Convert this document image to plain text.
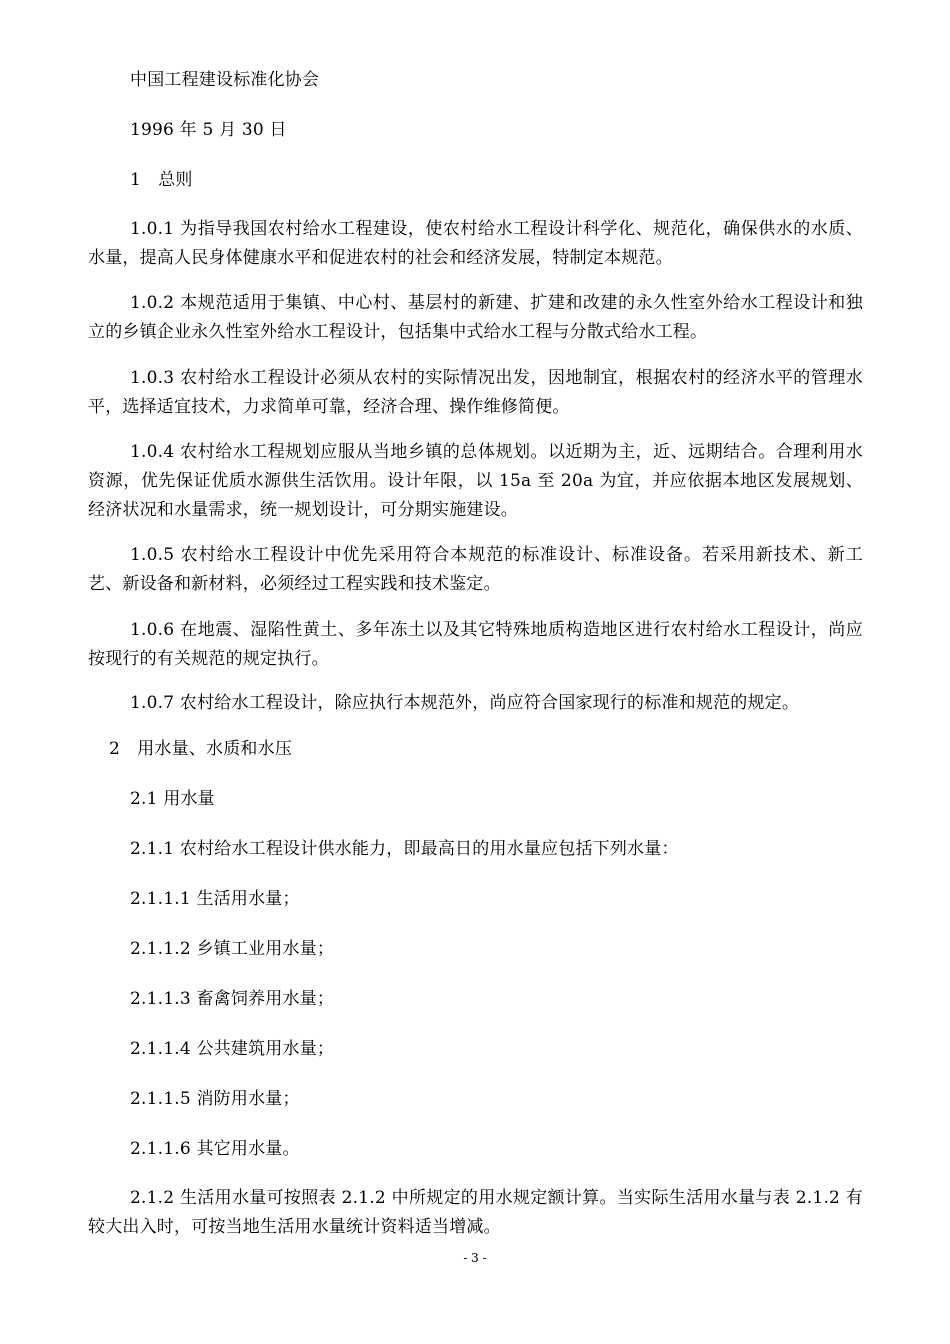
中国工程建设标准化协会
1996 年 5 月 30 日
1　总则
1.0.1 为指导我国农村给水工程建设，使农村给水工程设计科学化、规范化，确保供水的水质、水量，提高人民身体健康水平和促进农村的社会和经济发展，特制定本规范。
1.0.2 本规范适用于集镇、中心村、基层村的新建、扩建和改建的永久性室外给水工程设计和独立的乡镇企业永久性室外给水工程设计，包括集中式给水工程与分散式给水工程。
1.0.3 农村给水工程设计必须从农村的实际情况出发，因地制宜，根据农村的经济水平的管理水平，选择适宜技术，力求简单可靠，经济合理、操作维修简便。
1.0.4 农村给水工程规划应服从当地乡镇的总体规划。以近期为主，近、远期结合。合理利用水资源，优先保证优质水源供生活饮用。设计年限，以 15a 至 20a 为宜，并应依据本地区发展规划、经济状况和水量需求，统一规划设计，可分期实施建设。
1.0.5 农村给水工程设计中优先采用符合本规范的标准设计、标准设备。若采用新技术、新工艺、新设备和新材料，必须经过工程实践和技术鉴定。
1.0.6 在地震、湿陷性黄土、多年冻土以及其它特殊地质构造地区进行农村给水工程设计，尚应按现行的有关规范的规定执行。
1.0.7 农村给水工程设计，除应执行本规范外，尚应符合国家现行的标准和规范的规定。
2　用水量、水质和水压
2.1 用水量
2.1.1 农村给水工程设计供水能力，即最高日的用水量应包括下列水量：
2.1.1.1 生活用水量；
2.1.1.2 乡镇工业用水量；
2.1.1.3 畜禽饲养用水量；
2.1.1.4 公共建筑用水量；
2.1.1.5 消防用水量；
2.1.1.6 其它用水量。
2.1.2 生活用水量可按照表 2.1.2 中所规定的用水规定额计算。当实际生活用水量与表 2.1.2 有较大出入时，可按当地生活用水量统计资料适当增减。
- 3 -
